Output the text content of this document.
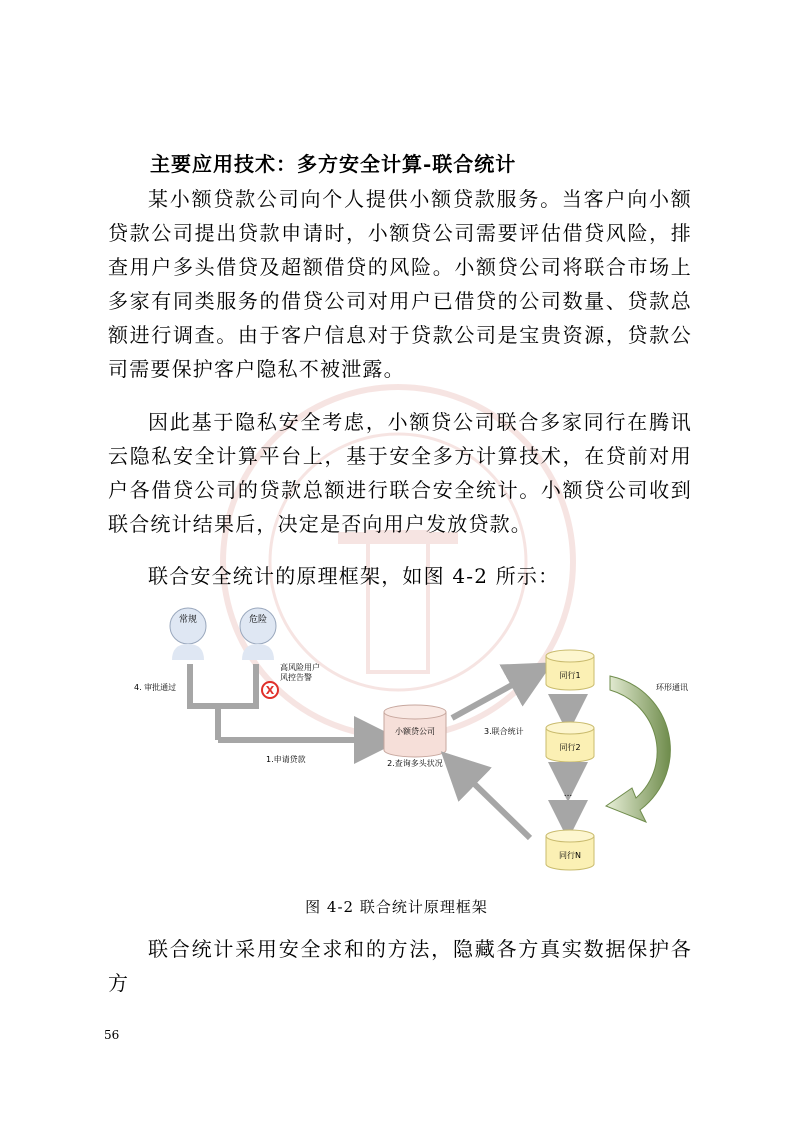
主要应用技术：多方安全计算-联合统计

某小额贷款公司向个人提供小额贷款服务。当客户向小额贷款公司提出贷款申请时，小额贷公司需要评估借贷风险，排查用户多头借贷及超额借贷的风险。小额贷公司将联合市场上多家有同类服务的借贷公司对用户已借贷的公司数量、贷款总额进行调查。由于客户信息对于贷款公司是宝贵资源，贷款公司需要保护客户隐私不被泄露。

因此基于隐私安全考虑，小额贷公司联合多家同行在腾讯云隐私安全计算平台上，基于安全多方计算技术，在贷前对用户各借贷公司的贷款总额进行联合安全统计。小额贷公司收到联合统计结果后，决定是否向用户发放贷款。

联合安全统计的原理框架，如图 4-2 所示：

常规	危险
高风险用户
风控告警
X
4. 审批通过
1.申请贷款
小额贷公司
2.查询多头状况
3.联合统计
同行1
同行2
...
同行N
环形通讯
图 4-2 联合统计原理框架

联合统计采用安全求和的方法，隐藏各方真实数据保护各方

56
